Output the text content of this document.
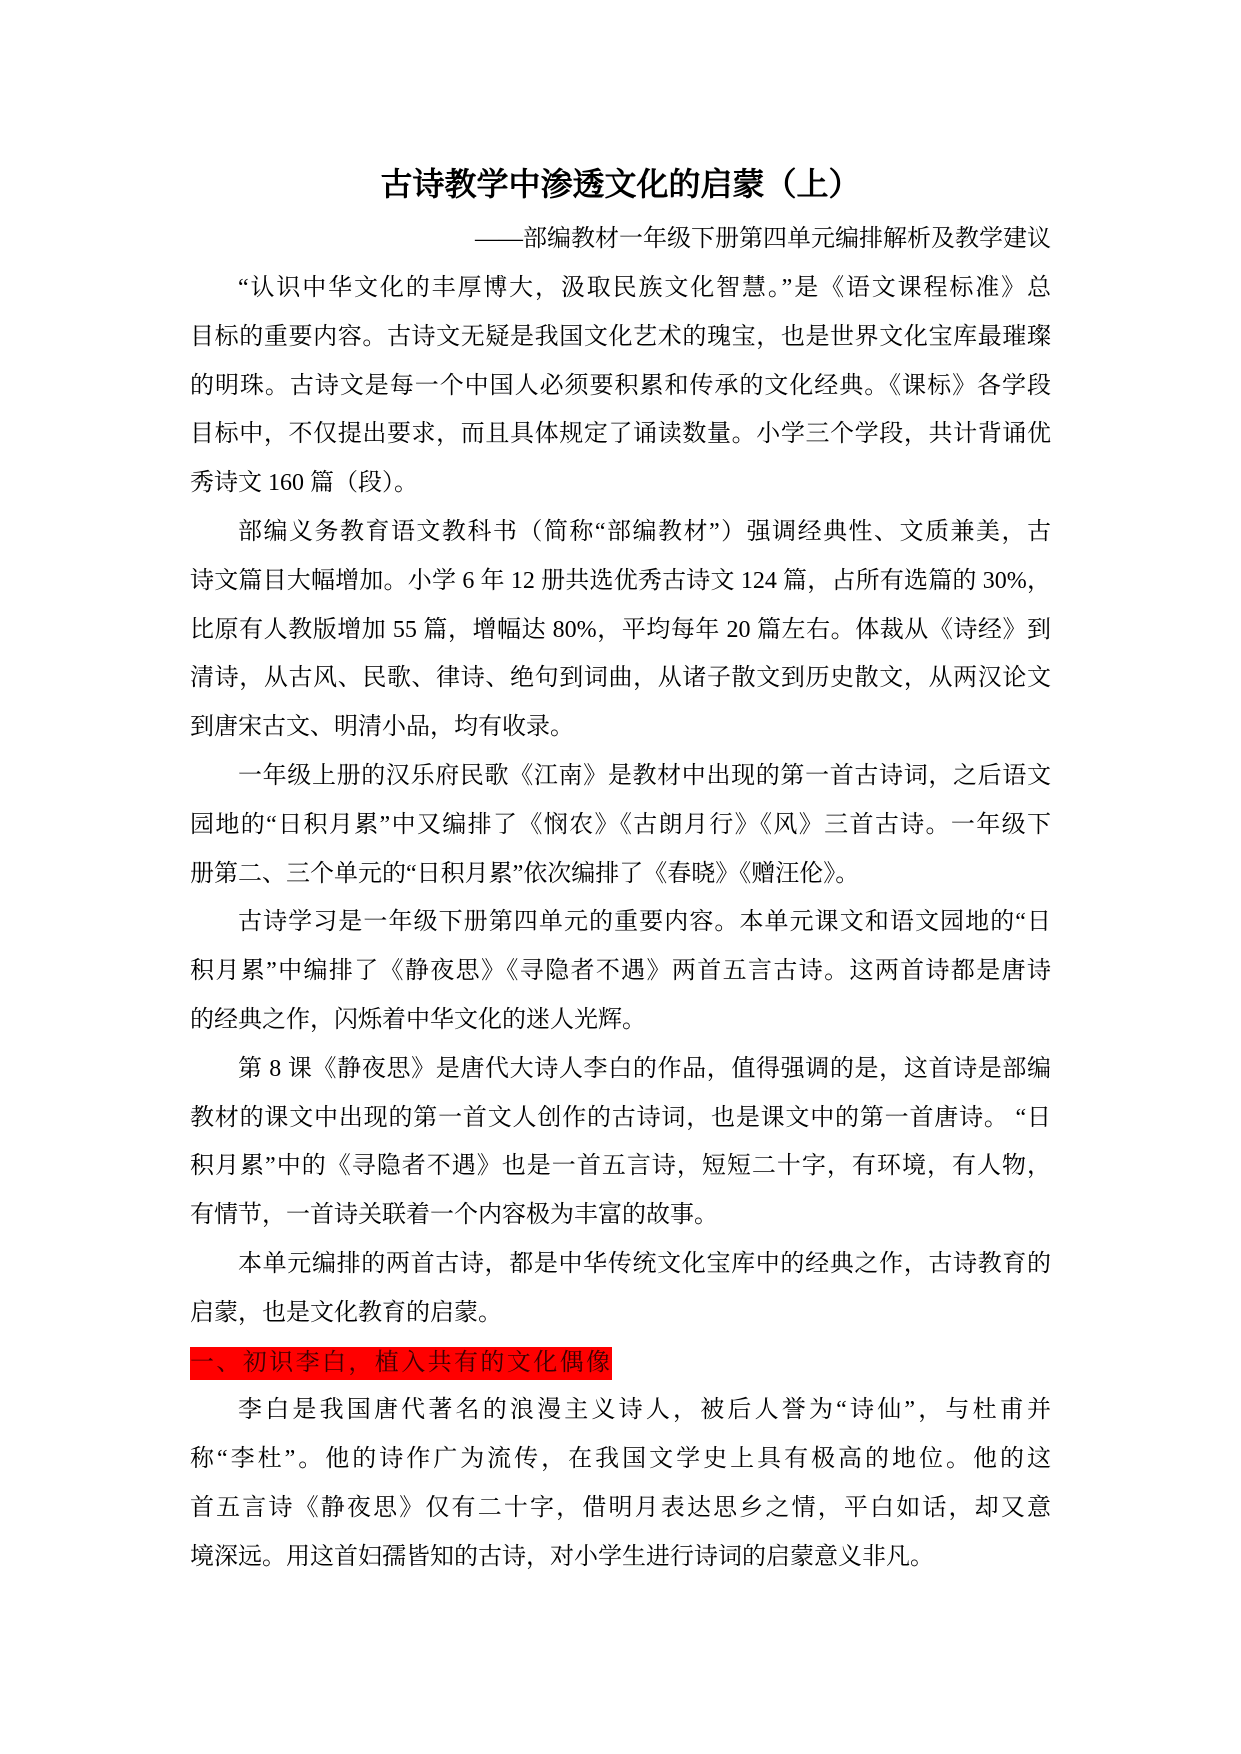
古诗教学中渗透文化的启蒙（上）
——部编教材一年级下册第四单元编排解析及教学建议
“认识中华文化的丰厚博大，汲取民族文化智慧。”是《语文课程标准》总
目标的重要内容。古诗文无疑是我国文化艺术的瑰宝，也是世界文化宝库最璀璨
的明珠。古诗文是每一个中国人必须要积累和传承的文化经典。《课标》各学段
目标中，不仅提出要求，而且具体规定了诵读数量。小学三个学段，共计背诵优
秀诗文 160 篇（段）。
部编义务教育语文教科书（简称“部编教材”）强调经典性、文质兼美，古
诗文篇目大幅增加。小学 6 年 12 册共选优秀古诗文 124 篇，占所有选篇的 30%，
比原有人教版增加 55 篇，增幅达 80%，平均每年 20 篇左右。体裁从《诗经》到
清诗，从古风、民歌、律诗、绝句到词曲，从诸子散文到历史散文，从两汉论文
到唐宋古文、明清小品，均有收录。
一年级上册的汉乐府民歌《江南》是教材中出现的第一首古诗词，之后语文
园地的“日积月累”中又编排了《悯农》《古朗月行》《风》三首古诗。一年级下
册第二、三个单元的“日积月累”依次编排了《春晓》《赠汪伦》。
古诗学习是一年级下册第四单元的重要内容。本单元课文和语文园地的“日
积月累”中编排了《静夜思》《寻隐者不遇》两首五言古诗。这两首诗都是唐诗
的经典之作，闪烁着中华文化的迷人光辉。
第 8 课《静夜思》是唐代大诗人李白的作品，值得强调的是，这首诗是部编
教材的课文中出现的第一首文人创作的古诗词，也是课文中的第一首唐诗。 “日
积月累”中的《寻隐者不遇》也是一首五言诗，短短二十字，有环境，有人物，
有情节，一首诗关联着一个内容极为丰富的故事。
本单元编排的两首古诗，都是中华传统文化宝库中的经典之作，古诗教育的
启蒙，也是文化教育的启蒙。
一、初识李白，植入共有的文化偶像
李白是我国唐代著名的浪漫主义诗人，被后人誉为“诗仙”，与杜甫并
称“李杜”。他的诗作广为流传，在我国文学史上具有极高的地位。他的这
首五言诗《静夜思》仅有二十字，借明月表达思乡之情，平白如话，却又意
境深远。用这首妇孺皆知的古诗，对小学生进行诗词的启蒙意义非凡。
